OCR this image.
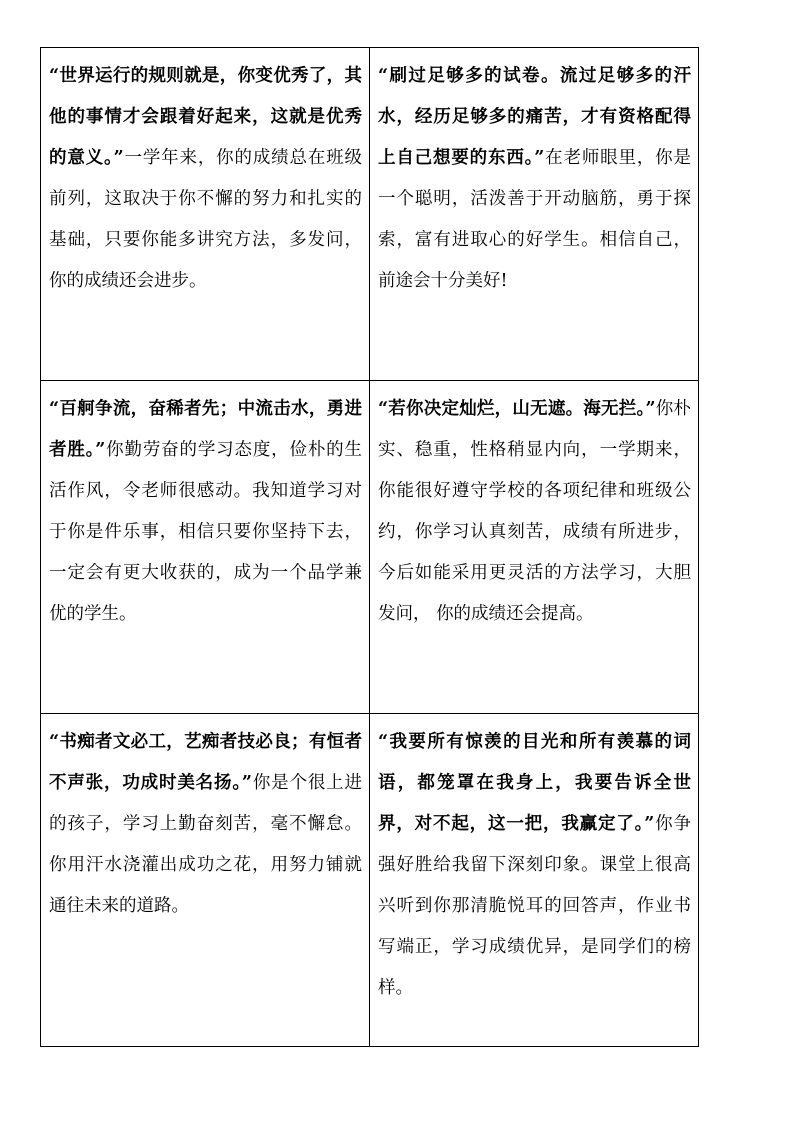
“世界运行的规则就是，你变优秀了，其他的事情才会跟着好起来，这就是优秀的意义。”一学年来，你的成绩总在班级前列，这取决于你不懈的努力和扎实的基础，只要你能多讲究方法，多发问，你的成绩还会进步。	“刷过足够多的试卷。流过足够多的汗水，经历足够多的痛苦，才有资格配得上自己想要的东西。”在老师眼里，你是一个聪明，活泼善于开动脑筋，勇于探索，富有进取心的好学生。相信自己，前途会十分美好!
“百舸争流，奋稀者先；中流击水，勇进者胜。”你勤劳奋的学习态度，俭朴的生活作风，令老师很感动。我知道学习对于你是件乐事，相信只要你坚持下去，一定会有更大收获的，成为一个品学兼优的学生。	“若你决定灿烂，山无遮。海无拦。”你朴实、稳重，性格稍显内向，一学期来，你能很好遵守学校的各项纪律和班级公约，你学习认真刻苦，成绩有所进步，今后如能采用更灵活的方法学习，大胆发问， 你的成绩还会提高。
“书痴者文必工，艺痴者技必良；有恒者不声张，功成时美名扬。”你是个很上进的孩子，学习上勤奋刻苦，毫不懈怠。你用汗水浇灌出成功之花，用努力铺就通往未来的道路。	“我要所有惊羡的目光和所有羡慕的词语，都笼罩在我身上，我要告诉全世界，对不起，这一把，我赢定了。”你争强好胜给我留下深刻印象。课堂上很高兴听到你那清脆悦耳的回答声，作业书写端正，学习成绩优异，是同学们的榜样。
